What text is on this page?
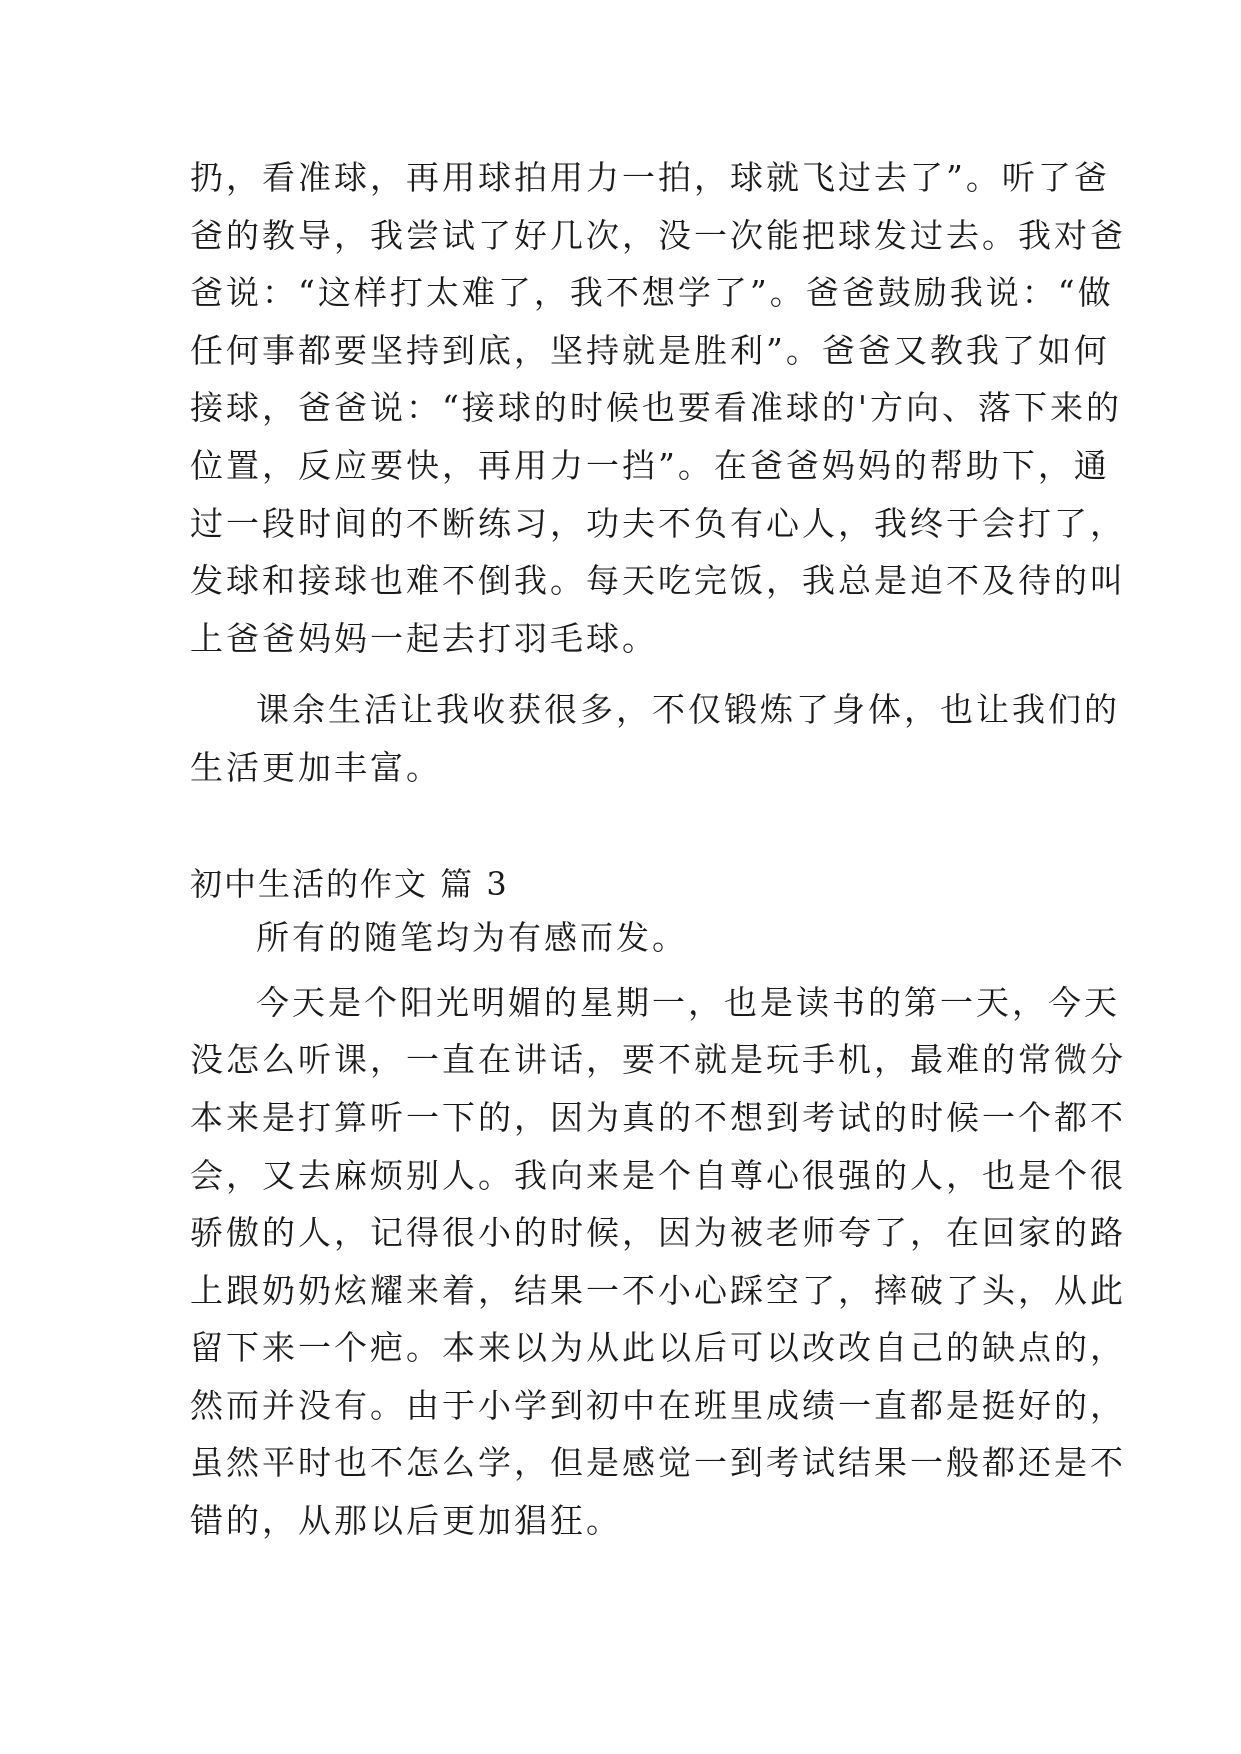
扔，看准球，再用球拍用力一拍，球就飞过去了”。听了爸
爸的教导，我尝试了好几次，没一次能把球发过去。我对爸
爸说：“这样打太难了，我不想学了”。爸爸鼓励我说：“做
任何事都要坚持到底，坚持就是胜利”。爸爸又教我了如何
接球，爸爸说：“接球的时候也要看准球的'方向、落下来的
位置，反应要快，再用力一挡”。在爸爸妈妈的帮助下，通
过一段时间的不断练习，功夫不负有心人，我终于会打了，
发球和接球也难不倒我。每天吃完饭，我总是迫不及待的叫
上爸爸妈妈一起去打羽毛球。
课余生活让我收获很多，不仅锻炼了身体，也让我们的
生活更加丰富。
初中生活的作文 篇 3
所有的随笔均为有感而发。
今天是个阳光明媚的星期一，也是读书的第一天，今天
没怎么听课，一直在讲话，要不就是玩手机，最难的常微分
本来是打算听一下的，因为真的不想到考试的时候一个都不
会，又去麻烦别人。我向来是个自尊心很强的人，也是个很
骄傲的人，记得很小的时候，因为被老师夸了，在回家的路
上跟奶奶炫耀来着，结果一不小心踩空了，摔破了头，从此
留下来一个疤。本来以为从此以后可以改改自己的缺点的，
然而并没有。由于小学到初中在班里成绩一直都是挺好的，
虽然平时也不怎么学，但是感觉一到考试结果一般都还是不
错的，从那以后更加猖狂。
